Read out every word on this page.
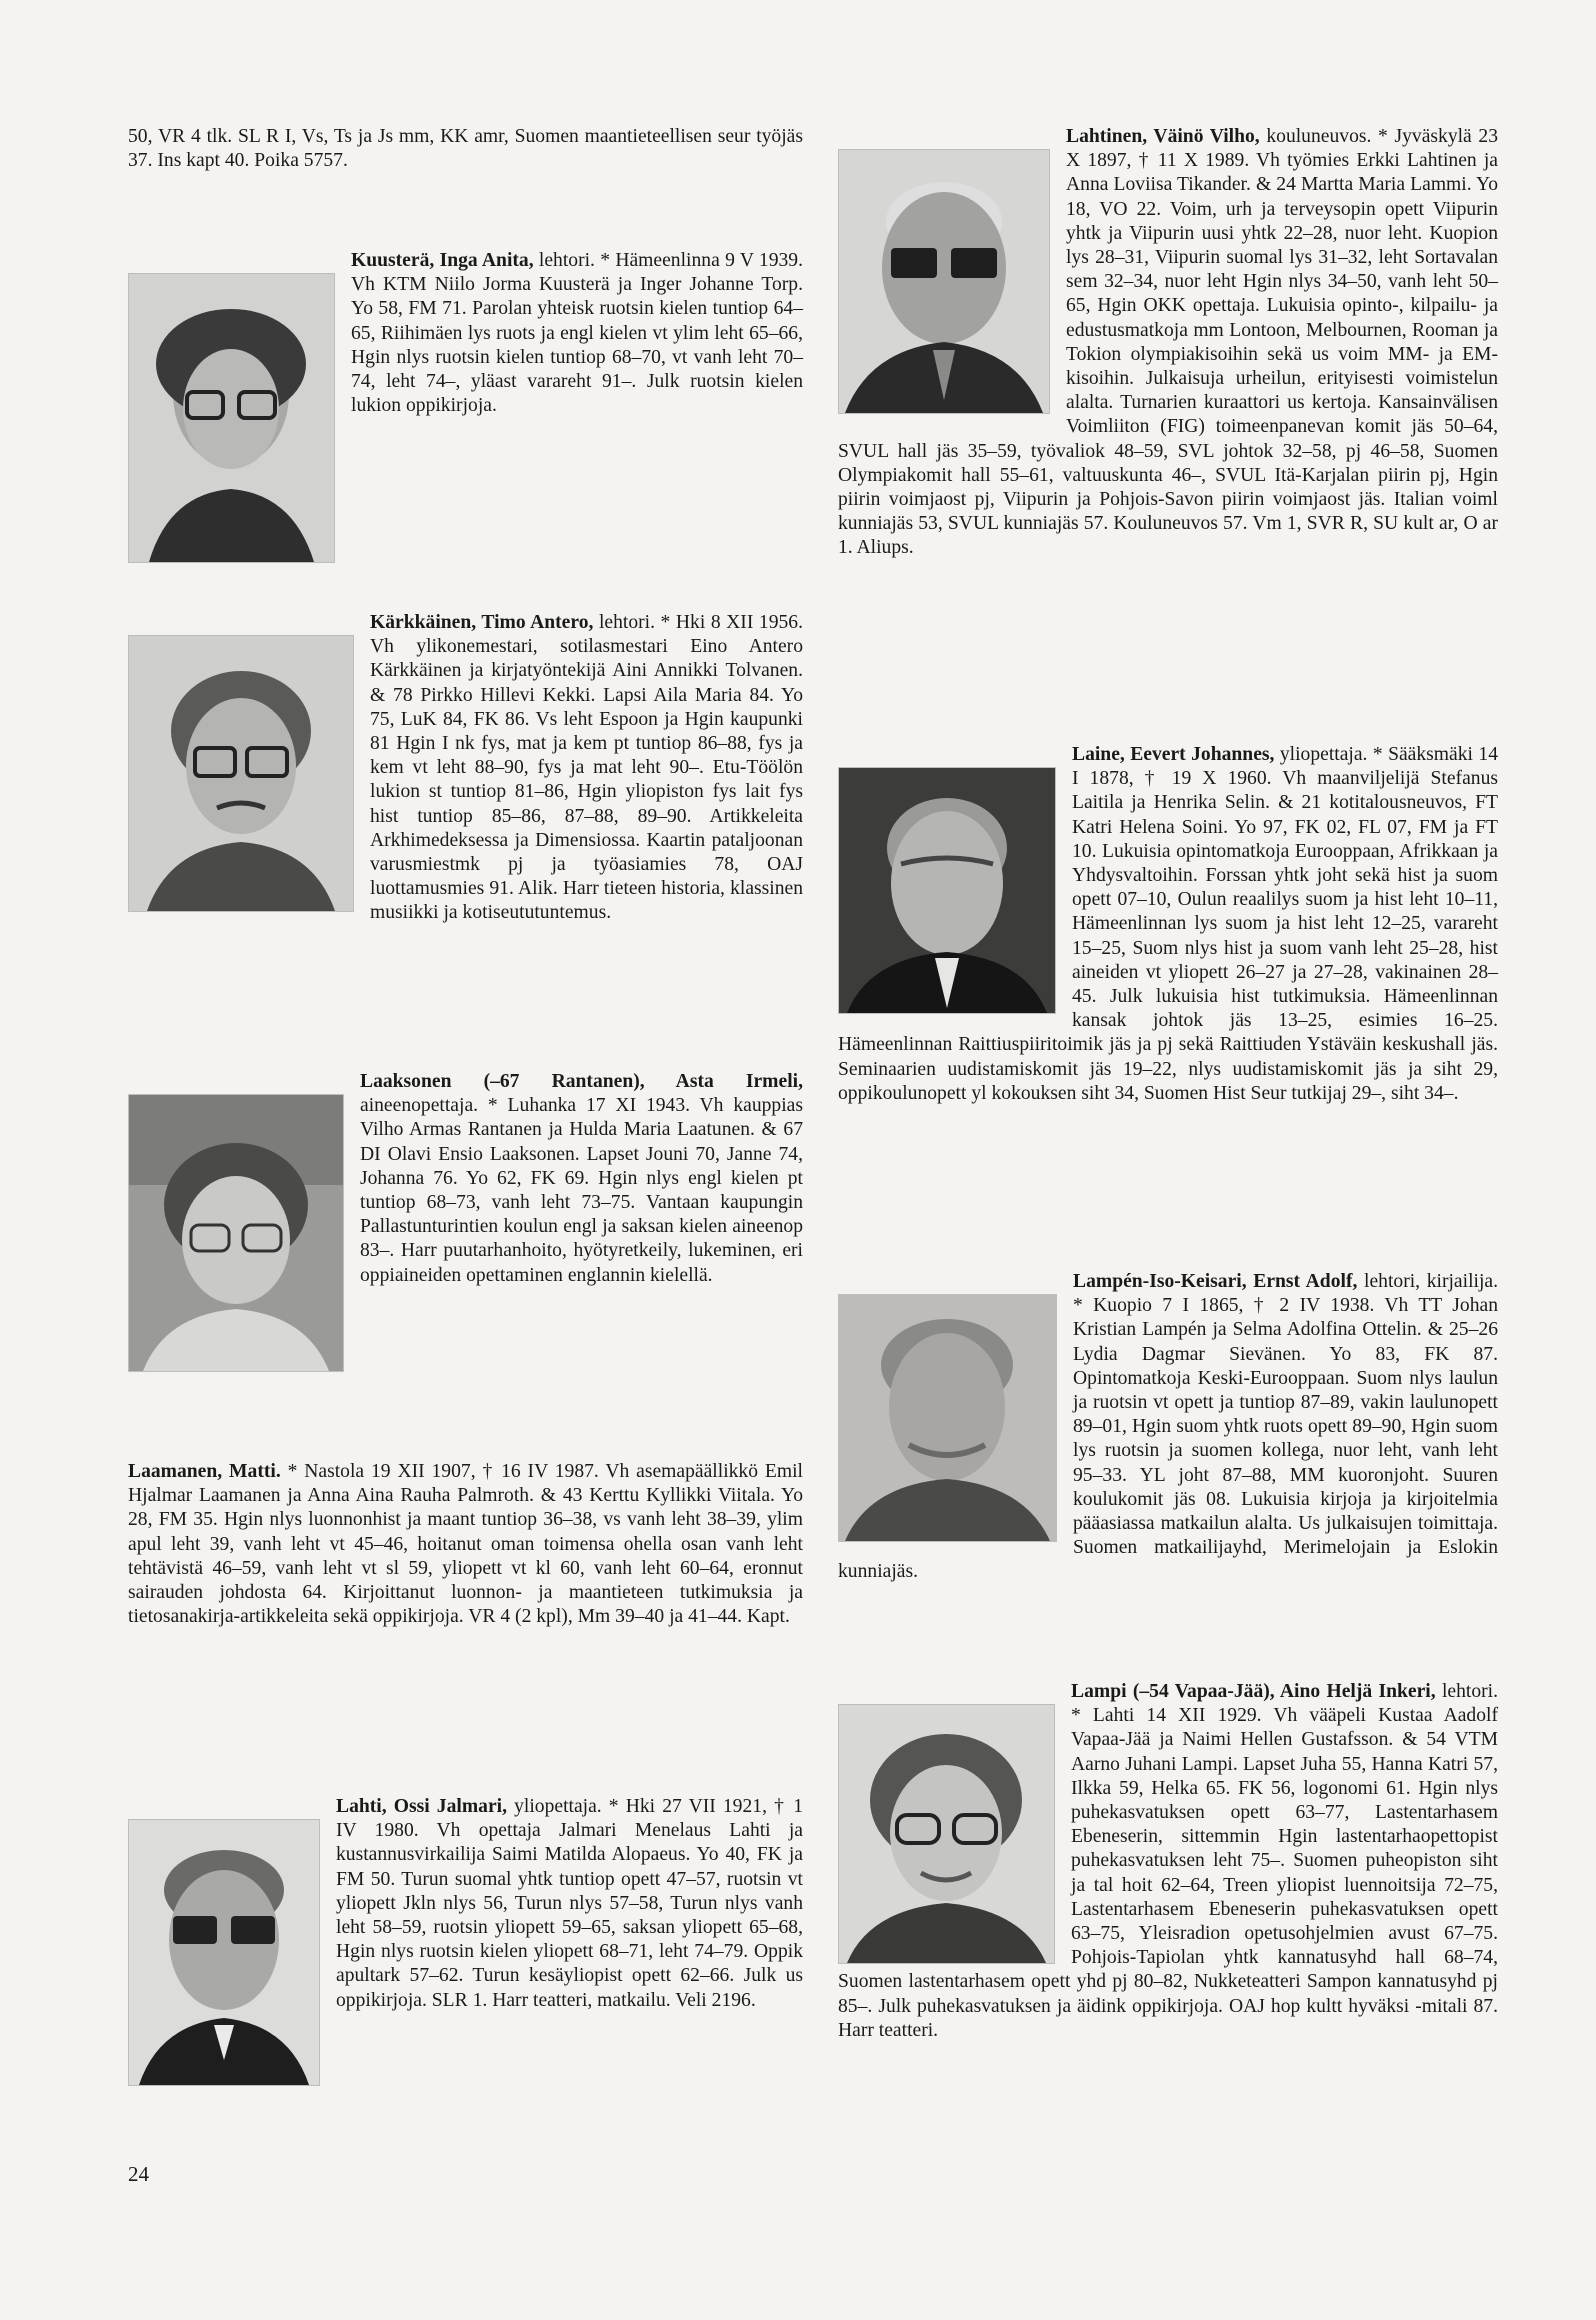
50, VR 4 tlk. SL R I, Vs, Ts ja Js mm, KK amr, Suomen maantieteellisen seur työjäs 37. Ins kapt 40. Poika 5757.

Kuusterä, Inga Anita, lehtori. * Hämeenlinna 9 V 1939. Vh KTM Niilo Jorma Kuusterä ja Inger Johanne Torp. Yo 58, FM 71. Parolan yhteisk ruotsin kielen tuntiop 64–65, Riihimäen lys ruots ja engl kielen vt ylim leht 65–66, Hgin nlys ruotsin kielen tuntiop 68–70, vt vanh leht 70–74, leht 74–, yläast varareht 91–. Julk ruotsin kielen lukion oppikirjoja.

Kärkkäinen, Timo Antero, lehtori. * Hki 8 XII 1956. Vh ylikonemestari, sotilasmestari Eino Antero Kärkkäinen ja kirjatyöntekijä Aini Annikki Tolvanen. & 78 Pirkko Hillevi Kekki. Lapsi Aila Maria 84. Yo 75, LuK 84, FK 86. Vs leht Espoon ja Hgin kaupunki 81 Hgin I nk fys, mat ja kem pt tuntiop 86–88, fys ja kem vt leht 88–90, fys ja mat leht 90–. Etu-Töölön lukion st tuntiop 81–86, Hgin yliopiston fys lait fys hist tuntiop 85–86, 87–88, 89–90. Artikkeleita Arkhimedeksessa ja Dimensiossa. Kaartin pataljoonan varusmiestmk pj ja työasiamies 78, OAJ luottamusmies 91. Alik. Harr tieteen historia, klassinen musiikki ja kotiseututuntemus.

Laaksonen (–67 Rantanen), Asta Irmeli, aineenopettaja. * Luhanka 17 XI 1943. Vh kauppias Vilho Armas Rantanen ja Hulda Maria Laatunen. & 67 DI Olavi Ensio Laaksonen. Lapset Jouni 70, Janne 74, Johanna 76. Yo 62, FK 69. Hgin nlys engl kielen pt tuntiop 68–73, vanh leht 73–75. Vantaan kaupungin Pallastunturintien koulun engl ja saksan kielen aineenop 83–. Harr puutarhanhoito, hyötyretkeily, lukeminen, eri oppiaineiden opettaminen englannin kielellä.

Laamanen, Matti. * Nastola 19 XII 1907, † 16 IV 1987. Vh asemapäällikkö Emil Hjalmar Laamanen ja Anna Aina Rauha Palmroth. & 43 Kerttu Kyllikki Viitala. Yo 28, FM 35. Hgin nlys luonnonhist ja maant tuntiop 36–38, vs vanh leht 38–39, ylim apul leht 39, vanh leht vt 45–46, hoitanut oman toimensa ohella osan vanh leht tehtävistä 46–59, vanh leht vt sl 59, yliopett vt kl 60, vanh leht 60–64, eronnut sairauden johdosta 64. Kirjoittanut luonnon- ja maantieteen tutkimuksia ja tietosanakirja-artikkeleita sekä oppikirjoja. VR 4 (2 kpl), Mm 39–40 ja 41–44. Kapt.

Lahti, Ossi Jalmari, yliopettaja. * Hki 27 VII 1921, † 1 IV 1980. Vh opettaja Jalmari Menelaus Lahti ja kustannusvirkailija Saimi Matilda Alopaeus. Yo 40, FK ja FM 50. Turun suomal yhtk tuntiop opett 47–57, ruotsin vt yliopett Jkln nlys 56, Turun nlys 57–58, Turun nlys vanh leht 58–59, ruotsin yliopett 59–65, saksan yliopett 65–68, Hgin nlys ruotsin kielen yliopett 68–71, leht 74–79. Oppik apultark 57–62. Turun kesäyliopist opett 62–66. Julk us oppikirjoja. SLR 1. Harr teatteri, matkailu. Veli 2196.

Lahtinen, Väinö Vilho, kouluneuvos. * Jyväskylä 23 X 1897, † 11 X 1989. Vh työmies Erkki Lahtinen ja Anna Loviisa Tikander. & 24 Martta Maria Lammi. Yo 18, VO 22. Voim, urh ja terveysopin opett Viipurin yhtk ja Viipurin uusi yhtk 22–28, nuor leht. Kuopion lys 28–31, Viipurin suomal lys 31–32, leht Sortavalan sem 32–34, nuor leht Hgin nlys 34–50, vanh leht 50–65, Hgin OKK opettaja. Lukuisia opinto-, kilpailu- ja edustusmatkoja mm Lontoon, Melbournen, Rooman ja Tokion olympiakisoihin sekä us voim MM- ja EM-kisoihin. Julkaisuja urheilun, erityisesti voimistelun alalta. Turnarien kuraattori us kertoja. Kansainvälisen Voimliiton (FIG) toimeenpanevan komit jäs 50–64, SVUL hall jäs 35–59, työvaliok 48–59, SVL johtok 32–58, pj 46–58, Suomen Olympiakomit hall 55–61, valtuuskunta 46–, SVUL Itä-Karjalan piirin pj, Hgin piirin voimjaost pj, Viipurin ja Pohjois-Savon piirin voimjaost jäs. Italian voiml kunniajäs 53, SVUL kunniajäs 57. Kouluneuvos 57. Vm 1, SVR R, SU kult ar, O ar 1. Aliups.

Laine, Eevert Johannes, yliopettaja. * Sääksmäki 14 I 1878, † 19 X 1960. Vh maanviljelijä Stefanus Laitila ja Henrika Selin. & 21 kotitalousneuvos, FT Katri Helena Soini. Yo 97, FK 02, FL 07, FM ja FT 10. Lukuisia opintomatkoja Eurooppaan, Afrikkaan ja Yhdysvaltoihin. Forssan yhtk joht sekä hist ja suom opett 07–10, Oulun reaalilys suom ja hist leht 10–11, Hämeenlinnan lys suom ja hist leht 12–25, varareht 15–25, Suom nlys hist ja suom vanh leht 25–28, hist aineiden vt yliopett 26–27 ja 27–28, vakinainen 28–45. Julk lukuisia hist tutkimuksia. Hämeenlinnan kansak johtok jäs 13–25, esimies 16–25. Hämeenlinnan Raittiuspiiritoimik jäs ja pj sekä Raittiuden Ystäväin keskushall jäs. Seminaarien uudistamiskomit jäs 19–22, nlys uudistamiskomit jäs ja siht 29, oppikoulunopett yl kokouksen siht 34, Suomen Hist Seur tutkijaj 29–, siht 34–.

Lampén-Iso-Keisari, Ernst Adolf, lehtori, kirjailija. * Kuopio 7 I 1865, † 2 IV 1938. Vh TT Johan Kristian Lampén ja Selma Adolfina Ottelin. & 25–26 Lydia Dagmar Sievänen. Yo 83, FK 87. Opintomatkoja Keski-Eurooppaan. Suom nlys laulun ja ruotsin vt opett ja tuntiop 87–89, vakin laulunopett 89–01, Hgin suom yhtk ruots opett 89–90, Hgin suom lys ruotsin ja suomen kollega, nuor leht, vanh leht 95–33. YL joht 87–88, MM kuoronjoht. Suuren koulukomit jäs 08. Lukuisia kirjoja ja kirjoitelmia pääasiassa matkailun alalta. Us julkaisujen toimittaja. Suomen matkailijayhd, Merimelojain ja Eslokin kunniajäs.

Lampi (–54 Vapaa-Jää), Aino Heljä Inkeri, lehtori. * Lahti 14 XII 1929. Vh vääpeli Kustaa Aadolf Vapaa-Jää ja Naimi Hellen Gustafsson. & 54 VTM Aarno Juhani Lampi. Lapset Juha 55, Hanna Katri 57, Ilkka 59, Helka 65. FK 56, logonomi 61. Hgin nlys puhekasvatuksen opett 63–77, Lastentarhasem Ebeneserin, sittemmin Hgin lastentarhaopettopist puhekasvatuksen leht 75–. Suomen puheopiston siht ja tal hoit 62–64, Treen yliopist luennoitsija 72–75, Lastentarhasem Ebeneserin puhekasvatuksen opett 63–75, Yleisradion opetusohjelmien avust 67–75. Pohjois-Tapiolan yhtk kannatusyhd hall 68–74, Suomen lastentarhasem opett yhd pj 80–82, Nukketeatteri Sampon kannatusyhd pj 85–. Julk puhekasvatuksen ja äidink oppikirjoja. OAJ hop kultt hyväksi -mitali 87. Harr teatteri.

24
